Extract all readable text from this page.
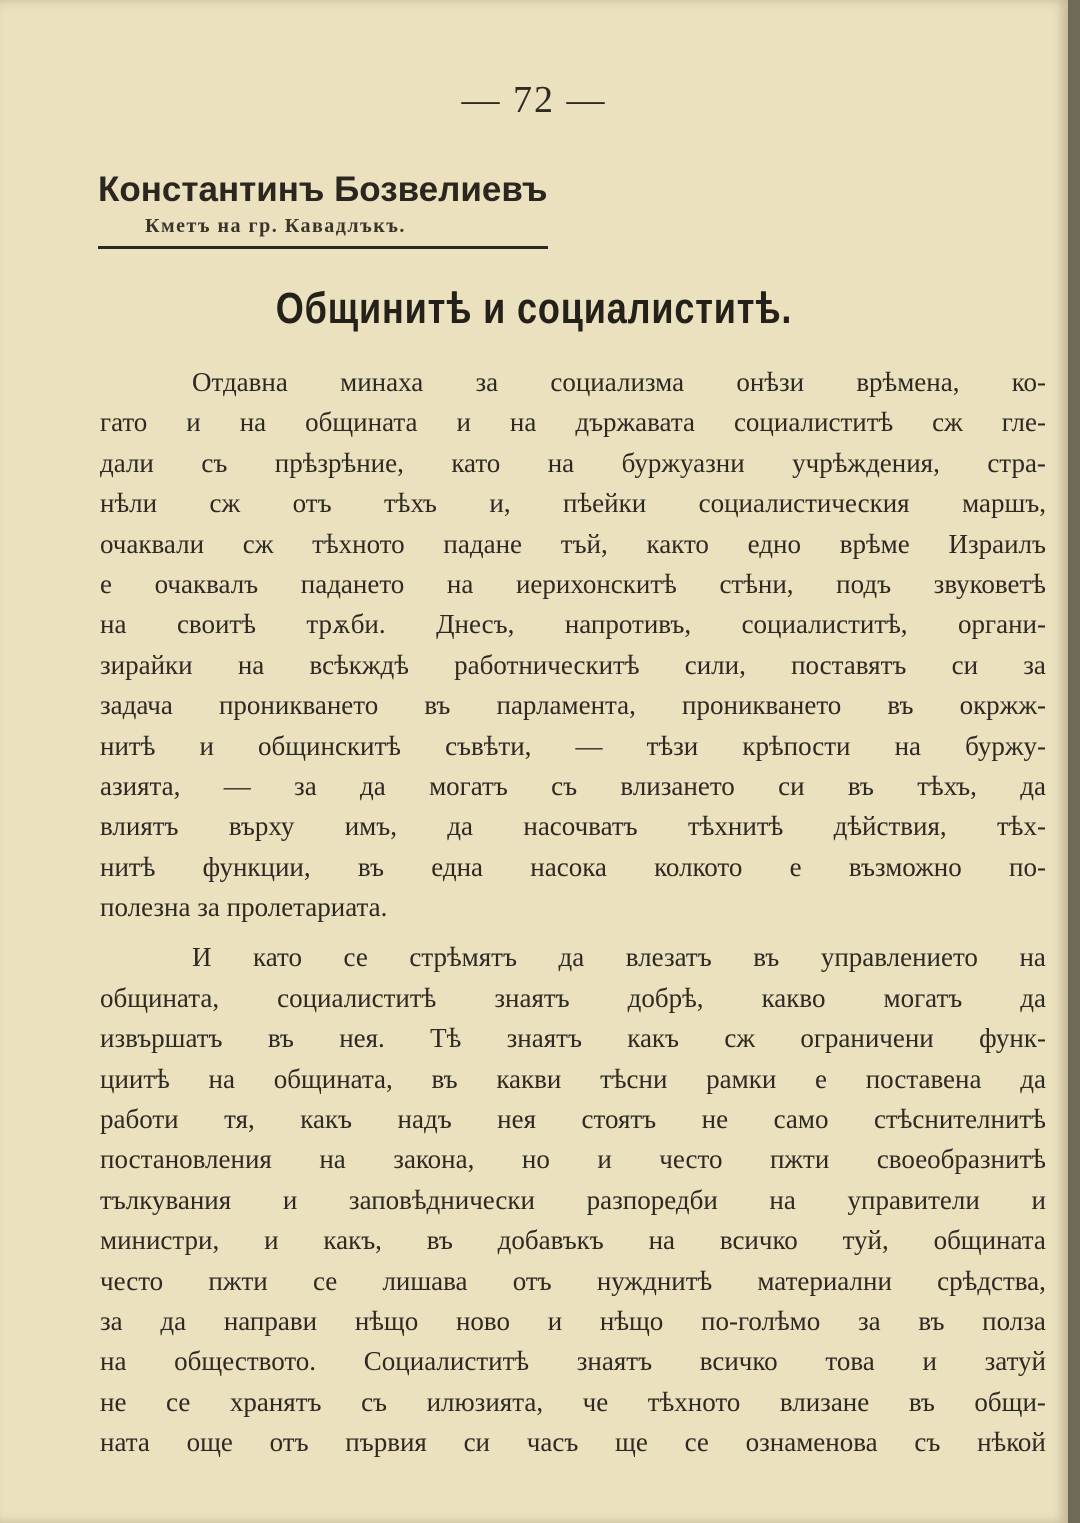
— 72 —
Константинъ Бозвелиевъ
Кметъ на гр. Кавадлъкъ.
Общинитѣ и социалиститѣ.
Отдавна минаха за социализма онѣзи врѣмена, ко-
гато и на общината и на държавата социалиститѣ сж гле-
дали съ прѣзрѣние, като на буржуазни учрѣждения, стра-
нѣли сж отъ тѣхъ и, пѣейки социалистическия маршъ,
очаквали сж тѣхното падане тъй, както едно врѣме Израилъ
е очаквалъ падането на иерихонскитѣ стѣни, подъ звуковетѣ
на своитѣ трѫби. Днесъ, напротивъ, социалиститѣ, органи-
зирайки на всѣкждѣ работническитѣ сили, поставятъ си за
задача проникването въ парламента, проникването въ окржж-
нитѣ и общинскитѣ съвѣти, — тѣзи крѣпости на буржу-
азията, — за да могатъ съ влизането си въ тѣхъ, да
влиятъ върху имъ, да насочватъ тѣхнитѣ дѣйствия, тѣх-
нитѣ функции, въ една насока колкото е възможно по-
полезна за пролетариата.
И като се стрѣмятъ да влезатъ въ управлението на
общината, социалиститѣ знаятъ добрѣ, какво могатъ да
извършатъ въ нея. Тѣ знаятъ какъ сж ограничени функ-
циитѣ на общината, въ какви тѣсни рамки е поставена да
работи тя, какъ надъ нея стоятъ не само стѣснителнитѣ
постановления на закона, но и често пжти своеобразнитѣ
тълкувания и заповѣднически разпоредби на управители и
министри, и какъ, въ добавъкъ на всичко туй, общината
често пжти се лишава отъ нужднитѣ материални срѣдства,
за да направи нѣщо ново и нѣщо по-голѣмо за въ полза
на обществото. Социалиститѣ знаятъ всичко това и затуй
не се хранятъ съ илюзията, че тѣхното влизане въ общи-
ната още отъ първия си часъ ще се ознаменова съ нѣкой
